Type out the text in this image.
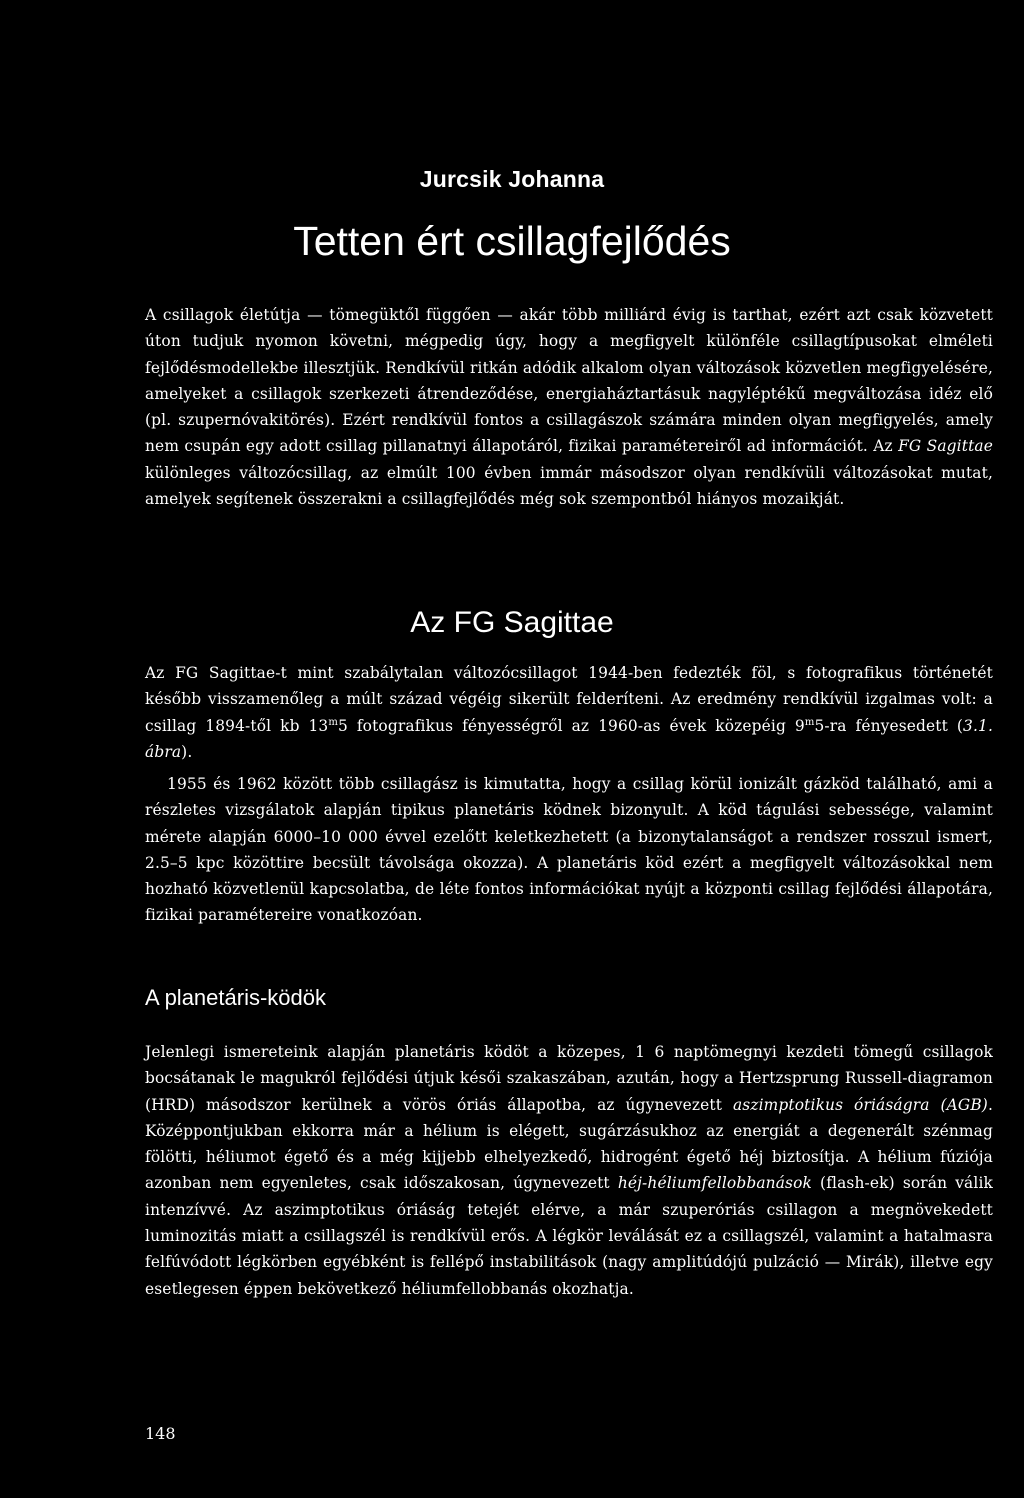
Jurcsik Johanna
Tetten ért csillagfejlődés

A csillagok életútja — tömegüktől függően — akár több milliárd évig is tarthat, ezért azt csak közvetett úton tudjuk nyomon követni, mégpedig úgy, hogy a megfigyelt különféle csillagtípusokat elméleti fejlődésmodellekbe illesztjük. Rendkívül ritkán adódik alkalom olyan változások közvetlen megfigyelésére, amelyeket a csillagok szerkezeti átrendeződése, energiaháztartásuk nagyléptékű megváltozása idéz elő (pl. szupernóvakitörés). Ezért rendkívül fontos a csillagászok számára minden olyan megfigyelés, amely nem csupán egy adott csillag pillanatnyi állapotáról, fizikai paramétereiről ad információt. Az FG Sagittae különleges változócsillag, az elmúlt 100 évben immár másodszor olyan rendkívüli változásokat mutat, amelyek segítenek összerakni a csillagfejlődés még sok szempontból hiányos mozaikját.

Az FG Sagittae

Az FG Sagittae-t mint szabálytalan változócsillagot 1944-ben fedezték föl, s fotografikus történetét később visszamenőleg a múlt század végéig sikerült felderíteni. Az eredmény rendkívül izgalmas volt: a csillag 1894-től kb 13$^m$5 fotografikus fényességről az 1960-as évek közepéig 9$^m$5-ra fényesedett (3.1. ábra).

1955 és 1962 között több csillagász is kimutatta, hogy a csillag körül ionizált gázköd található, ami a részletes vizsgálatok alapján tipikus planetáris ködnek bizonyult. A köd tágulási sebessége, valamint mérete alapján 6000–10 000 évvel ezelőtt keletkezhetett (a bizonytalanságot a rendszer rosszul ismert, 2.5–5 kpc közöttire becsült távolsága okozza). A planetáris köd ezért a megfigyelt változásokkal nem hozható közvetlenül kapcsolatba, de léte fontos információkat nyújt a központi csillag fejlődési állapotára, fizikai paramétereire vonatkozóan.

A planetáris-ködök

Jelenlegi ismereteink alapján planetáris ködöt a közepes, 1 6 naptömegnyi kezdeti tömegű csillagok bocsátanak le magukról fejlődési útjuk késői szakaszában, azután, hogy a Hertzsprung Russell-diagramon (HRD) másodszor kerülnek a vörös óriás állapotba, az úgynevezett aszimptotikus óriáságra (AGB). Középpontjukban ekkorra már a hélium is elégett, sugárzásukhoz az energiát a degenerált szénmag fölötti, héliumot égető és a még kijjebb elhelyezkedő, hidrogént égető héj biztosítja. A hélium fúziója azonban nem egyenletes, csak időszakosan, úgynevezett héj-héliumfellobbanások (flash-ek) során válik intenzívvé. Az aszimptotikus óriáság tetejét elérve, a már szuperóriás csillagon a megnövekedett luminozitás miatt a csillagszél is rendkívül erős. A légkör leválását ez a csillagszél, valamint a hatalmasra felfúvódott légkörben egyébként is fellépő instabilitások (nagy amplitúdójú pulzáció — Mirák), illetve egy esetlegesen éppen bekövetkező héliumfellobbanás okozhatja.

148
